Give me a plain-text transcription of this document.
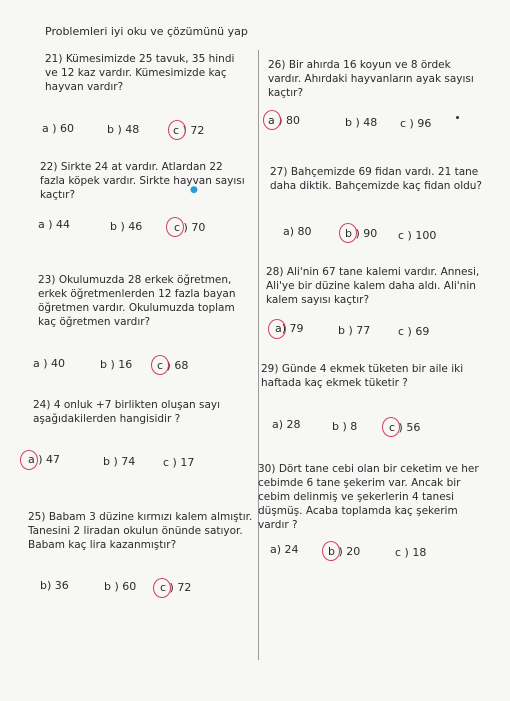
Problemleri iyi oku ve çözümünü yap
21) Kümesimizde 25 tavuk, 35 hindi ve 12 kaz vardır. Kümesimizde kaç hayvan vardır?
a ) 60	b ) 48	c ) 72
22) Sirkte 24 at vardır. Atlardan 22 fazla köpek vardır. Sirkte hayvan sayısı kaçtır?	●
a ) 44	b ) 46	c ) 70
23) Okulumuzda 28 erkek öğretmen, erkek öğretmenlerden 12 fazla bayan öğretmen vardır. Okulumuzda toplam kaç öğretmen vardır?
a ) 40	b ) 16 c ) 68
24) 4 onluk +7 birlikten oluşan sayı aşağıdakilerden hangisidir ?
a ) 47	b ) 74	c ) 17
25) Babam 3 düzine kırmızı kalem almıştır. Tanesini 2 liradan okulun önünde satıyor. Babam kaç lira kazanmıştır?
b) 36	b ) 60 c ) 72
26) Bir ahırda 16 koyun ve 8 ördek vardır. Ahırdaki hayvanların ayak sayısı kaçtır?
a ) 80	b ) 48 c ) 96
27) Bahçemizde 69 fidan vardı. 21 tane daha diktik. Bahçemizde kaç fidan oldu?
a) 80	b ) 90 c ) 100
28) Ali'nin 67 tane kalemi vardır. Annesi, Ali'ye bir düzine kalem daha aldı. Ali'nin kalem sayısı kaçtır?
a) 79	b ) 77	c ) 69
29) Günde 4 ekmek tüketen bir aile iki haftada kaç ekmek tüketir ?
a) 28	b ) 8	c ) 56
30) Dört tane cebi olan bir ceketim ve her cebimde 6 tane şekerim var. Ancak bir cebim delinmiş ve şekerlerin 4 tanesi düşmüş. Acaba toplamda kaç şekerim vardır ?
a) 24	b ) 20	c ) 18
